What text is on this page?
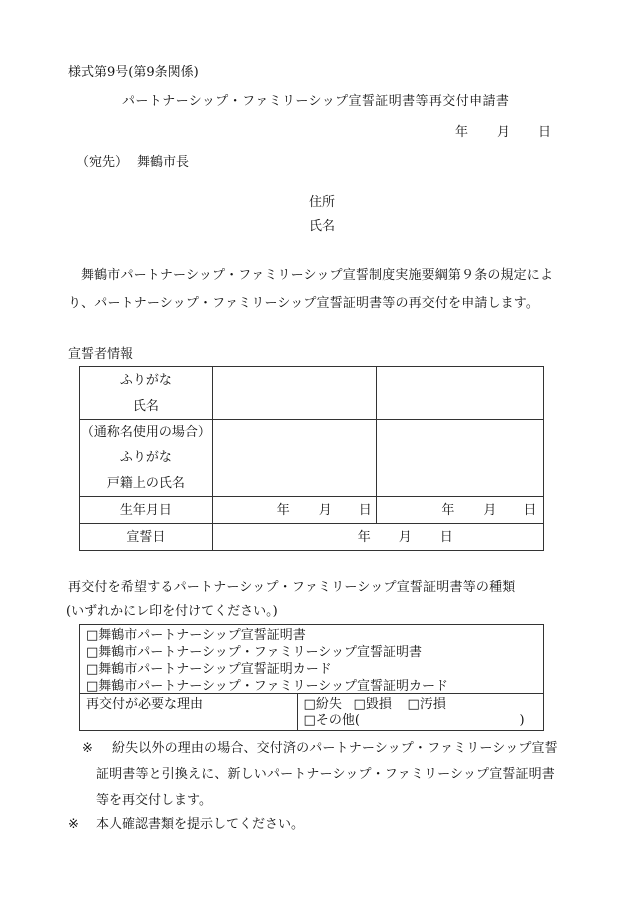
様式第9号(第9条関係)
パートナーシップ・ファミリーシップ宣誓証明書等再交付申請書
年 月 日
（宛先） 舞鶴市長
住所
氏名
舞鶴市パートナーシップ・ファミリーシップ宣誓制度実施要綱第９条の規定によ
り、パートナーシップ・ファミリーシップ宣誓証明書等の再交付を申請します。
宣誓者情報
ふりがな
氏名		

（通称名使用の場合）
ふりがな
戸籍上の氏名		

生年月日	年 月 日	年 月 日

宣誓日	年 月 日	
再交付を希望するパートナーシップ・ファミリーシップ宣誓証明書等の種類
(いずれかにレ印を付けてください。)
□舞鶴市パートナーシップ宣誓証明書
□舞鶴市パートナーシップ・ファミリーシップ宣誓証明書
□舞鶴市パートナーシップ宣誓証明カード
□舞鶴市パートナーシップ・ファミリーシップ宣誓証明カード
再交付が必要な理由	□紛失 □毀損 □汚損
□その他(	)
※ 紛失以外の理由の場合、交付済のパートナーシップ・ファミリーシップ宣誓
証明書等と引換えに、新しいパートナーシップ・ファミリーシップ宣誓証明書
等を再交付します。
※ 本人確認書類を提示してください。
